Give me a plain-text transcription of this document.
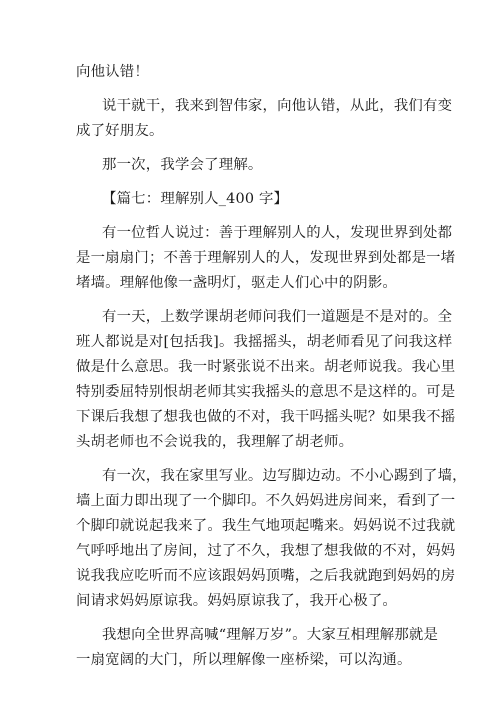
向他认错！
说干就干，我来到智伟家，向他认错，从此，我们有变
成了好朋友。
那一次，我学会了理解。
【篇七：理解别人_400 字】
有一位哲人说过：善于理解别人的人，发现世界到处都
是一扇扇门；不善于理解别人的人，发现世界到处都是一堵
堵墙。理解他像一盏明灯，驱走人们心中的阴影。
有一天，上数学课胡老师问我们一道题是不是对的。全
班人都说是对[包括我]。我摇摇头，胡老师看见了问我这样
做是什么意思。我一时紧张说不出来。胡老师说我。我心里
特别委屈特别恨胡老师其实我摇头的意思不是这样的。可是
下课后我想了想我也做的不对，我干吗摇头呢？如果我不摇
头胡老师也不会说我的，我理解了胡老师。
有一次，我在家里写业。边写脚边动。不小心踢到了墙，
墙上面力即出现了一个脚印。不久妈妈进房间来，看到了一
个脚印就说起我来了。我生气地项起嘴来。妈妈说不过我就
气呼呼地出了房间，过了不久，我想了想我做的不对，妈妈
说我我应吃听而不应该跟妈妈顶嘴，之后我就跑到妈妈的房
间请求妈妈原谅我。妈妈原谅我了，我开心极了。
我想向全世界高喊“理解万岁”。大家互相理解那就是
一扇宽阔的大门，所以理解像一座桥梁，可以沟通。
